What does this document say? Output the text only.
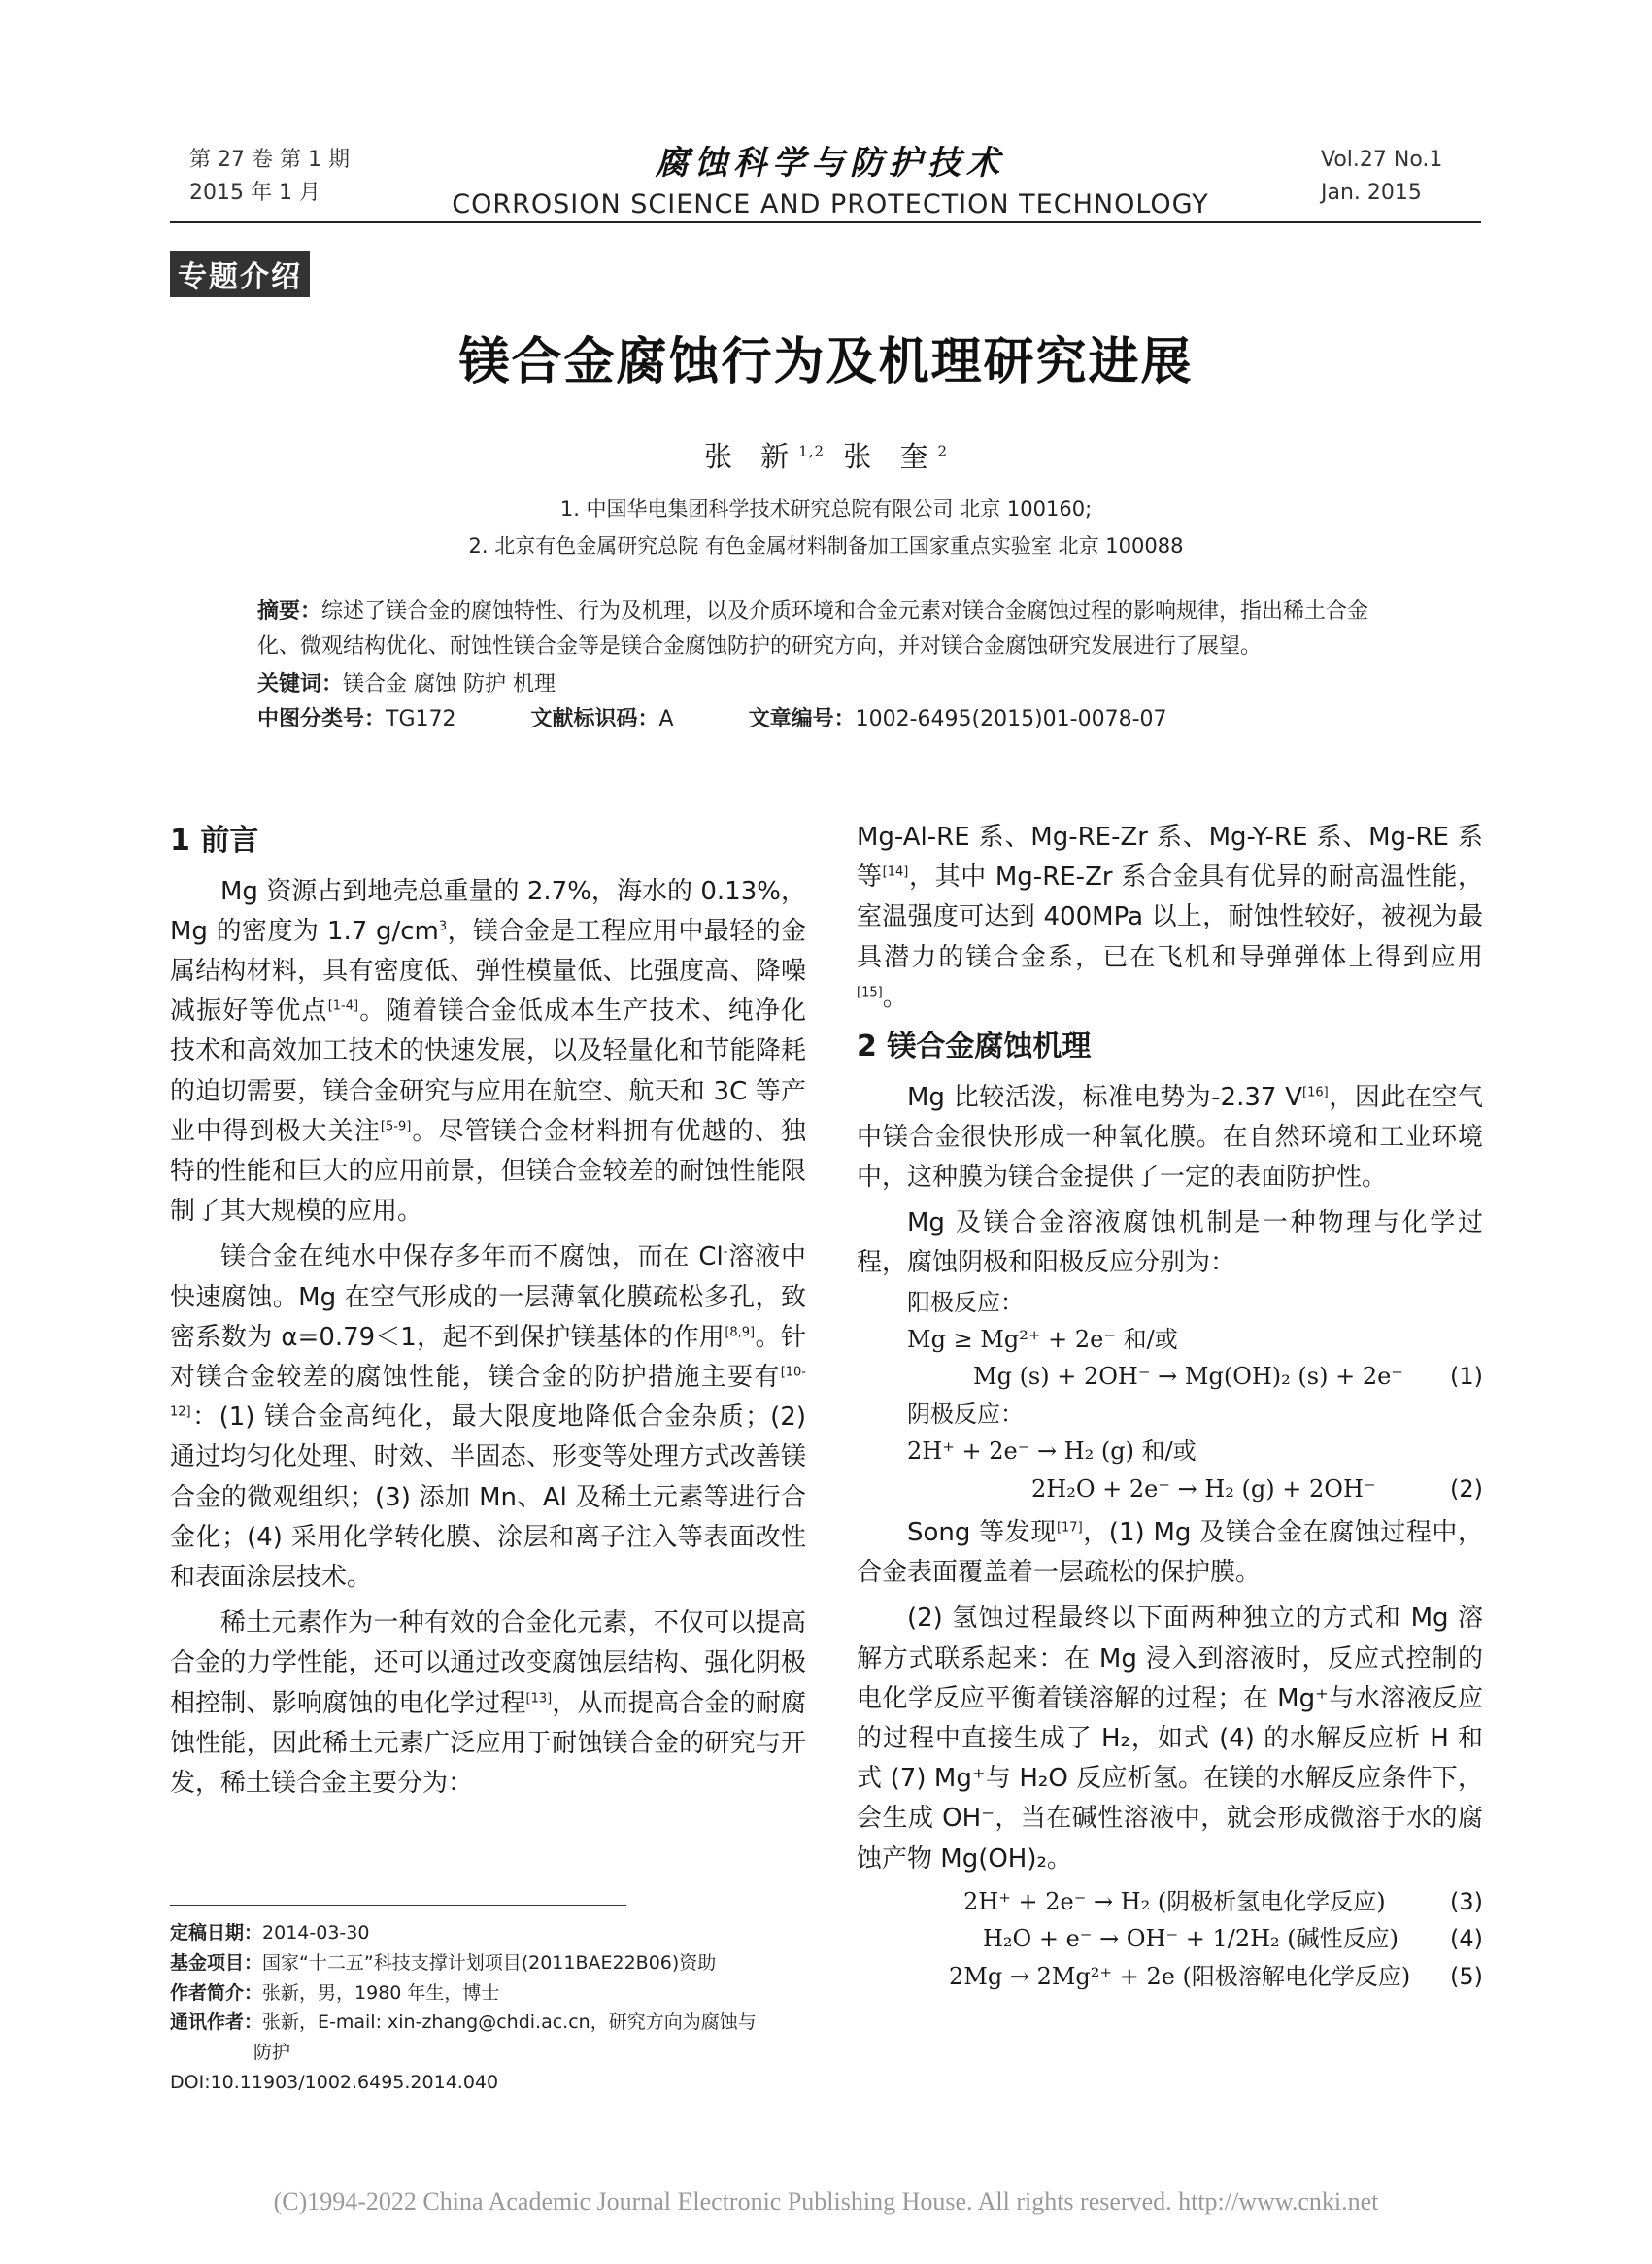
第 27 卷 第 1 期
2015 年 1 月
腐蚀科学与防护技术
CORROSION SCIENCE AND PROTECTION TECHNOLOGY
Vol.27 No.1
Jan. 2015
专题介绍
镁合金腐蚀行为及机理研究进展
张 新$^{1,2}$ 张 奎$^2$
1. 中国华电集团科学技术研究总院有限公司 北京 100160;
2. 北京有色金属研究总院 有色金属材料制备加工国家重点实验室 北京 100088
摘要：综述了镁合金的腐蚀特性、行为及机理，以及介质环境和合金元素对镁合金腐蚀过程的影响规律，指出稀土合金化、微观结构优化、耐蚀性镁合金等是镁合金腐蚀防护的研究方向，并对镁合金腐蚀研究发展进行了展望。
关键词：镁合金 腐蚀 防护 机理
中图分类号：TG172	文献标识码：A	文章编号：1002-6495(2015)01-0078-07
1 前言

Mg 资源占到地壳总重量的 2.7%，海水的 0.13%，Mg 的密度为 1.7 $g/cm^3$，镁合金是工程应用中最轻的金属结构材料，具有密度低、弹性模量低、比强度高、降噪减振好等优点[1-4]。随着镁合金低成本生产技术、纯净化技术和高效加工技术的快速发展，以及轻量化和节能降耗的迫切需要，镁合金研究与应用在航空、航天和 3C 等产业中得到极大关注[5-9]。尽管镁合金材料拥有优越的、独特的性能和巨大的应用前景，但镁合金较差的耐蚀性能限制了其大规模的应用。

镁合金在纯水中保存多年而不腐蚀，而在 Cl-溶液中快速腐蚀。Mg 在空气形成的一层薄氧化膜疏松多孔，致密系数为 α=0.79＜1，起不到保护镁基体的作用[8,9]。针对镁合金较差的腐蚀性能，镁合金的防护措施主要有[10-12]：(1) 镁合金高纯化，最大限度地降低合金杂质；(2) 通过均匀化处理、时效、半固态、形变等处理方式改善镁合金的微观组织；(3) 添加 Mn、Al 及稀土元素等进行合金化；(4) 采用化学转化膜、涂层和离子注入等表面改性和表面涂层技术。

稀土元素作为一种有效的合金化元素，不仅可以提高合金的力学性能，还可以通过改变腐蚀层结构、强化阴极相控制、影响腐蚀的电化学过程[13]，从而提高合金的耐腐蚀性能，因此稀土元素广泛应用于耐蚀镁合金的研究与开发，稀土镁合金主要分为：

定稿日期：2014-03-30
基金项目：国家“十二五”科技支撑计划项目(2011BAE22B06)资助
作者简介：张新，男，1980 年生，博士
通讯作者：张新，E-mail: xin-zhang@chdi.ac.cn，研究方向为腐蚀与
防护
DOI:10.11903/1002.6495.2014.040

Mg-Al-RE 系、Mg-RE-Zr 系、Mg-Y-RE 系、Mg-RE 系等[14]，其中 Mg-RE-Zr 系合金具有优异的耐高温性能，室温强度可达到 400MPa 以上，耐蚀性较好，被视为最具潜力的镁合金系，已在飞机和导弹弹体上得到应用[15]。

2 镁合金腐蚀机理

Mg 比较活泼，标准电势为-2.37 V[16]，因此在空气中镁合金很快形成一种氧化膜。在自然环境和工业环境中，这种膜为镁合金提供了一定的表面防护性。

Mg 及镁合金溶液腐蚀机制是一种物理与化学过程，腐蚀阴极和阳极反应分别为：

阳极反应：
Mg ≥ Mg²⁺ + 2e⁻ 和/或
Mg (s) + 2OH⁻ → Mg(OH)₂ (s) + 2e⁻ (1)
阴极反应：
2H⁺ + 2e⁻ → H₂ (g) 和/或
2H₂O + 2e⁻ → H₂ (g) + 2OH⁻	(2)

Song 等发现[17]，(1) Mg 及镁合金在腐蚀过程中，合金表面覆盖着一层疏松的保护膜。

(2) 氢蚀过程最终以下面两种独立的方式和 Mg 溶解方式联系起来：在 Mg 浸入到溶液时，反应式控制的电化学反应平衡着镁溶解的过程；在 Mg⁺与水溶液反应的过程中直接生成了 H₂，如式 (4) 的水解反应析 H 和式 (7) Mg⁺与 H₂O 反应析氢。在镁的水解反应条件下，会生成 OH⁻，当在碱性溶液中，就会形成微溶于水的腐蚀产物 Mg(OH)₂。

2H⁺ + 2e⁻ → H₂ (阴极析氢电化学反应)	(3)
H₂O + e⁻ → OH⁻ + 1/2H₂ (碱性反应) (4)
2Mg → 2Mg²⁺ + 2e (阳极溶解电化学反应) (5)
(C)1994-2022 China Academic Journal Electronic Publishing House. All rights reserved. http://www.cnki.net
